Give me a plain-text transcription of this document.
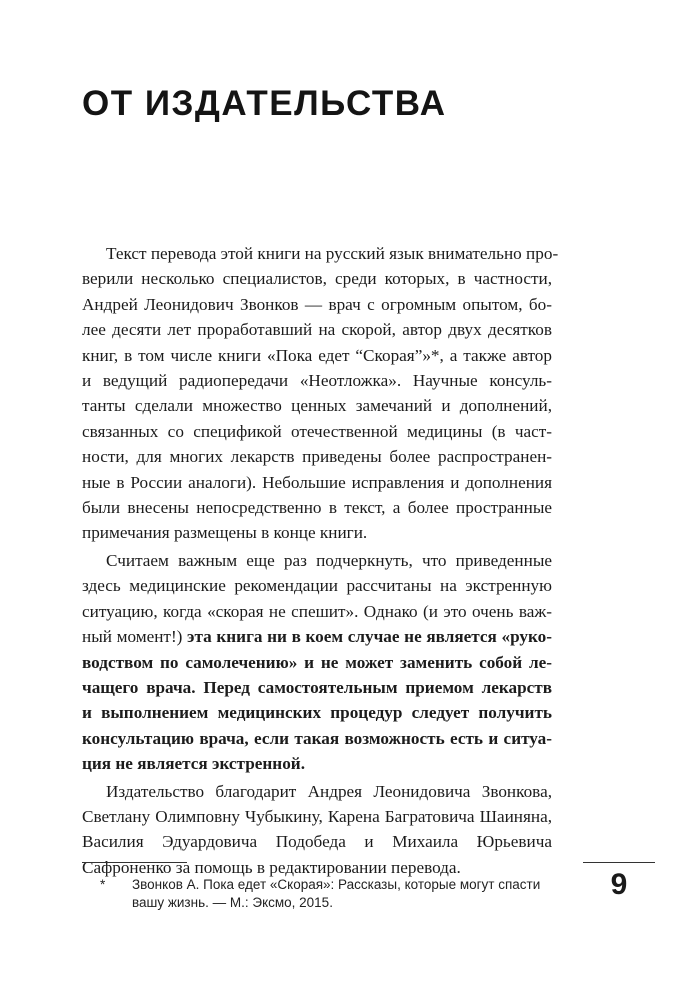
ОТ ИЗДАТЕЛЬСТВА
Текст перевода этой книги на русский язык внимательно про-
верили несколько специалистов, среди которых, в частности,
Андрей Леонидович Звонков — врач с огромным опытом, бо-
лее десяти лет проработавший на скорой, автор двух десятков
книг, в том числе книги «Пока едет “Скорая”»*, а также автор
и ведущий радиопередачи «Неотложка». Научные консуль-
танты сделали множество ценных замечаний и дополнений,
связанных со спецификой отечественной медицины (в част-
ности, для многих лекарств приведены более распространен-
ные в России аналоги). Небольшие исправления и дополнения
были внесены непосредственно в текст, а более пространные
примечания размещены в конце книги.
Считаем важным еще раз подчеркнуть, что приведенные
здесь медицинские рекомендации рассчитаны на экстренную
ситуацию, когда «скорая не спешит». Однако (и это очень важ-
ный момент!) эта книга ни в коем случае не является «руко-
водством по самолечению» и не может заменить собой ле-
чащего врача. Перед самостоятельным приемом лекарств
и выполнением медицинских процедур следует получить
консультацию врача, если такая возможность есть и ситуа-
ция не является экстренной.
Издательство благодарит Андрея Леонидовича Звонкова,
Светлану Олимповну Чубыкину, Карена Багратовича Шаиняна,
Василия Эдуардовича Подобеда и Михаила Юрьевича
Сафроненко за помощь в редактировании перевода.
* Звонков А. Пока едет «Скорая»: Рассказы, которые могут спасти
вашу жизнь. — М.: Эксмо, 2015.
9
